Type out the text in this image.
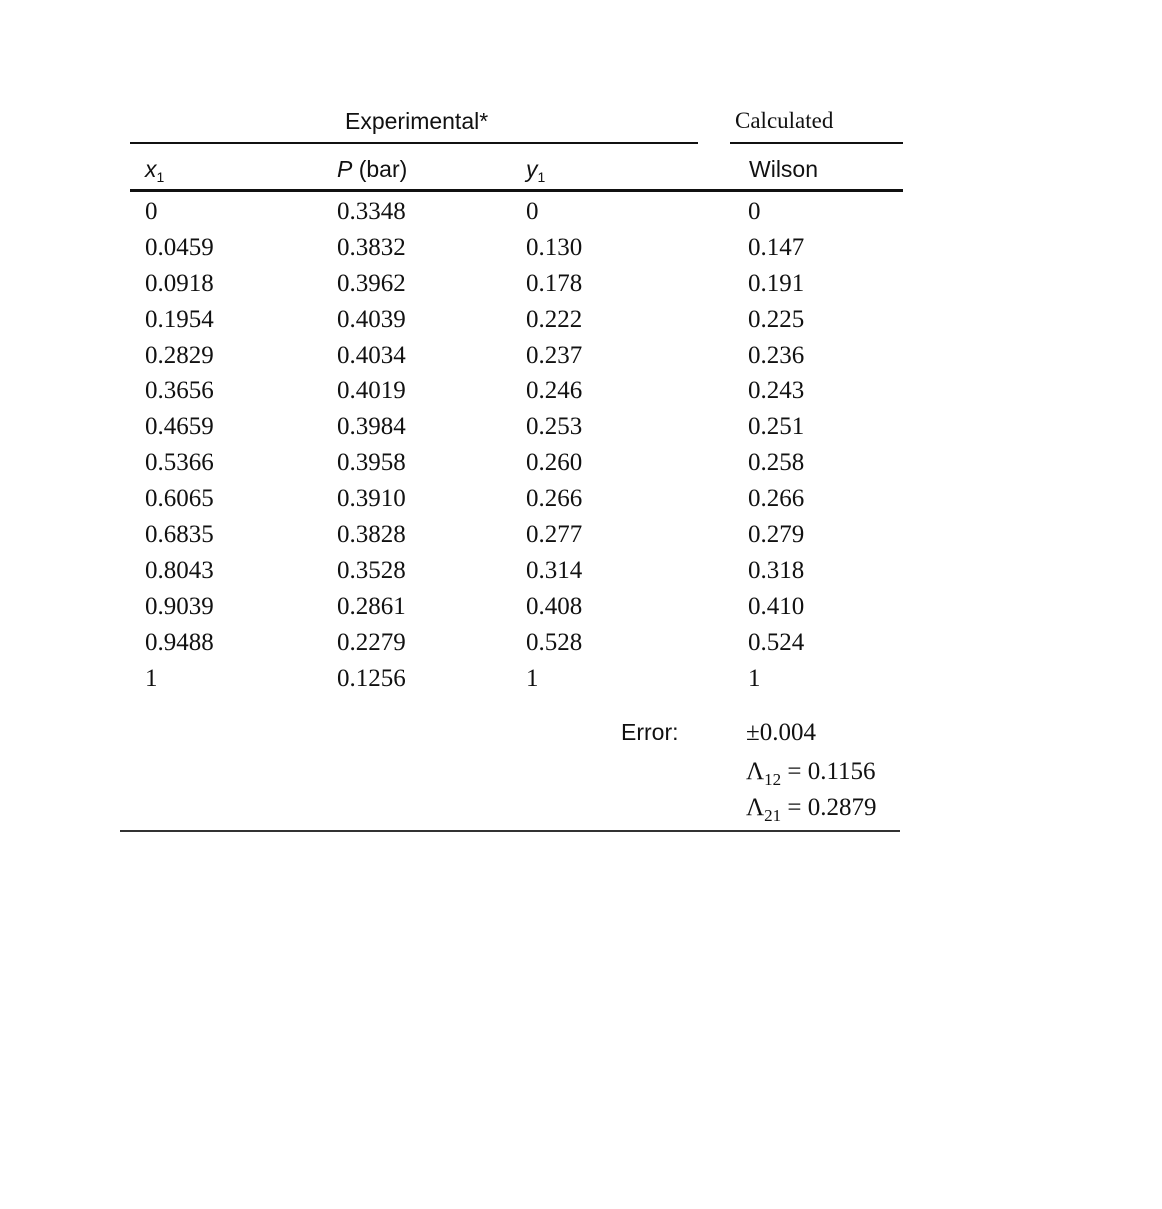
Experimental*	Calculated
$x_1$	P (bar)	$y_1$	Wilson
0	0.3348	0	0
0.0459	0.3832	0.130	0.147
0.0918	0.3962	0.178	0.191
0.1954	0.4039	0.222	0.225
0.2829	0.4034	0.237	0.236
0.3656	0.4019	0.246	0.243
0.4659	0.3984	0.253	0.251
0.5366	0.3958	0.260	0.258
0.6065	0.3910	0.266	0.266
0.6835	0.3828	0.277	0.279
0.8043	0.3528	0.314	0.318
0.9039	0.2861	0.408	0.410
0.9488	0.2279	0.528	0.524
1	0.1256	1	1
Error:	±0.004
$\Lambda_{12} = 0.1156$
$\Lambda_{21} = 0.2879$
